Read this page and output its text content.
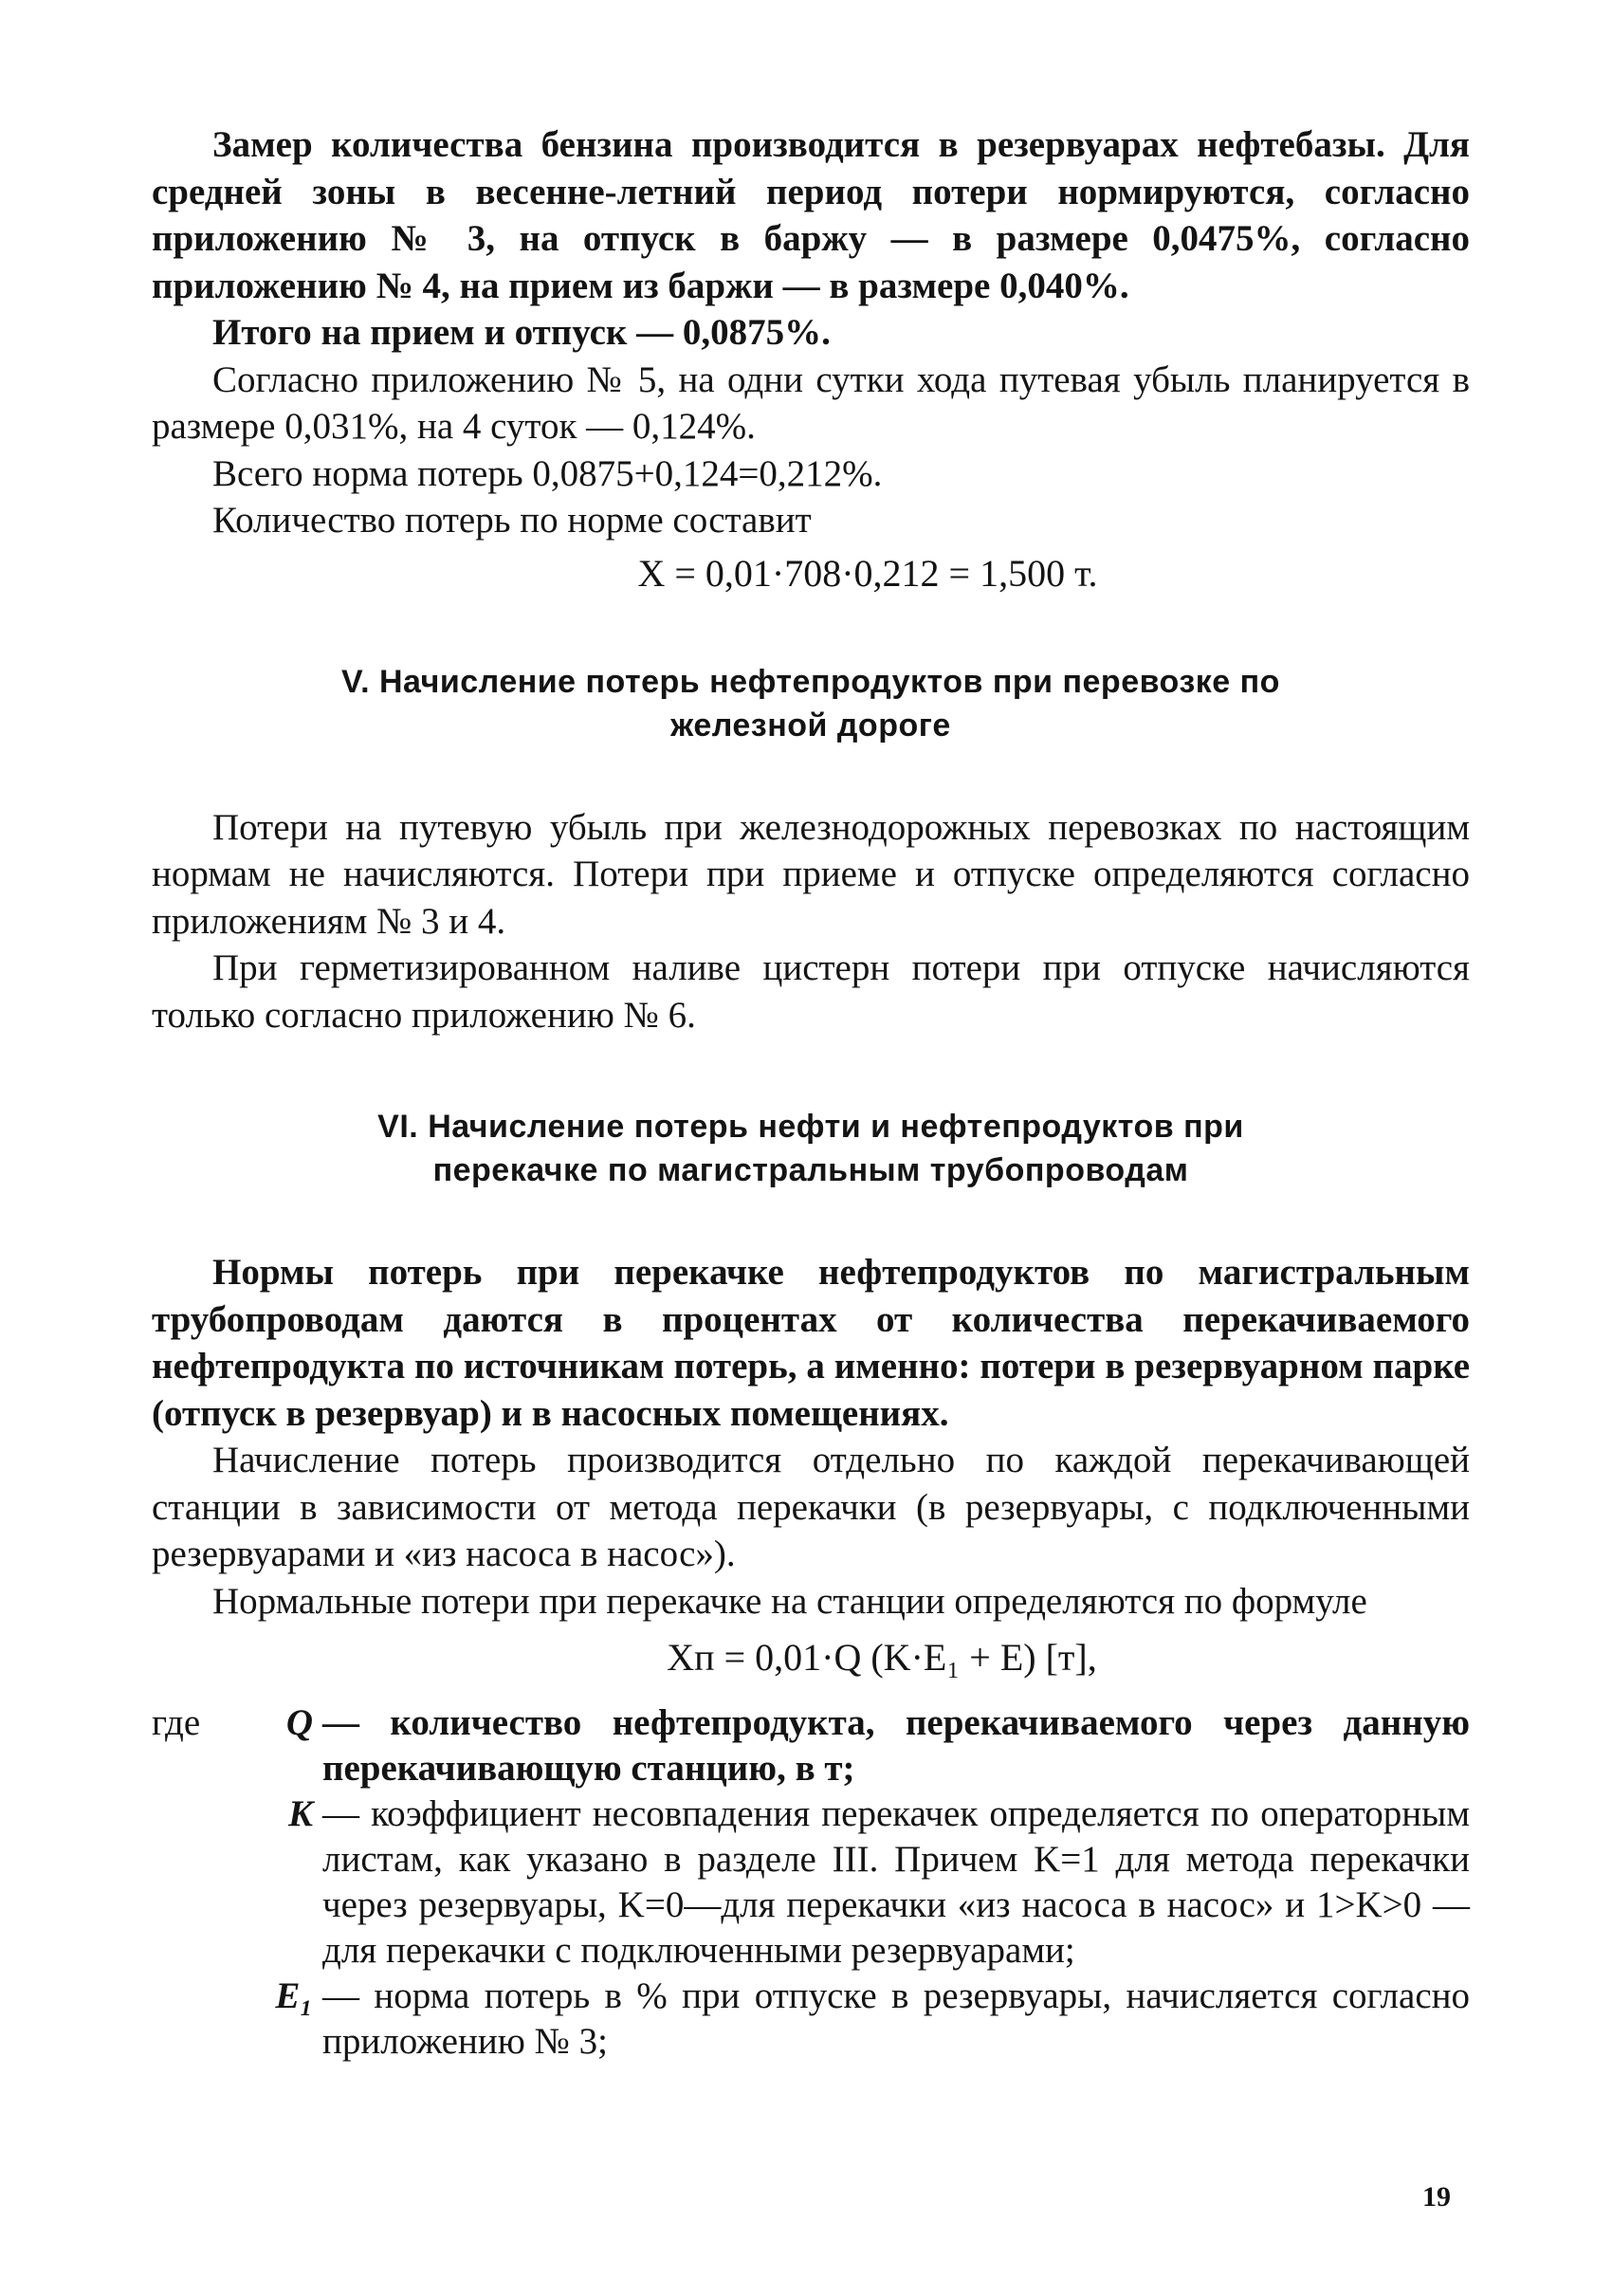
Замер количества бензина производится в резервуарах нефтебазы. Для средней зоны в весенне-летний период потери нормируются, согласно приложению № 3, на отпуск в баржу — в размере 0,0475%, согласно приложению № 4, на прием из баржи — в размере 0,040%.

Итого на прием и отпуск — 0,0875%.

Согласно приложению № 5, на одни сутки хода путевая убыль планируется в размере 0,031%, на 4 суток — 0,124%.

Всего норма потерь 0,0875+0,124=0,212%.

Количество потерь по норме составит

X = 0,01·708·0,212 = 1,500 т.
V. Начисление потерь нефтепродуктов при перевозке по
железной дороге

Потери на путевую убыль при железнодорожных перевозках по настоящим нормам не начисляются. Потери при приеме и отпуске определяются согласно приложениям № 3 и 4.

При герметизированном наливе цистерн потери при отпуске начисляются только согласно приложению № 6.

VI. Начисление потерь нефти и нефтепродуктов при
перекачке по магистральным трубопроводам

Нормы потерь при перекачке нефтепродуктов по магистральным трубопроводам даются в процентах от количества перекачиваемого нефтепродукта по источникам потерь, а именно: потери в резервуарном парке (отпуск в резервуар) и в насосных помещениях.

Начисление потерь производится отдельно по каждой перекачивающей станции в зависимости от метода перекачки (в резервуары, с подключенными резервуарами и «из насоса в насос»).

Нормальные потери при перекачке на станции определяются по формуле

Xп = 0,01·Q (K·E₁ + E) [т],
где	Q — количество нефтепродукта, перекачиваемого через данную перекачивающую станцию, в т;
K — коэффициент несовпадения перекачек определяется по операторным листам, как указано в разделе III. Причем K=1 для метода перекачки через резервуары, K=0—для перекачки «из насоса в насос» и 1>K>0 — для перекачки с подключенными резервуарами;
E₁ — норма потерь в % при отпуске в резервуары, начисляется согласно приложению № 3;
19
